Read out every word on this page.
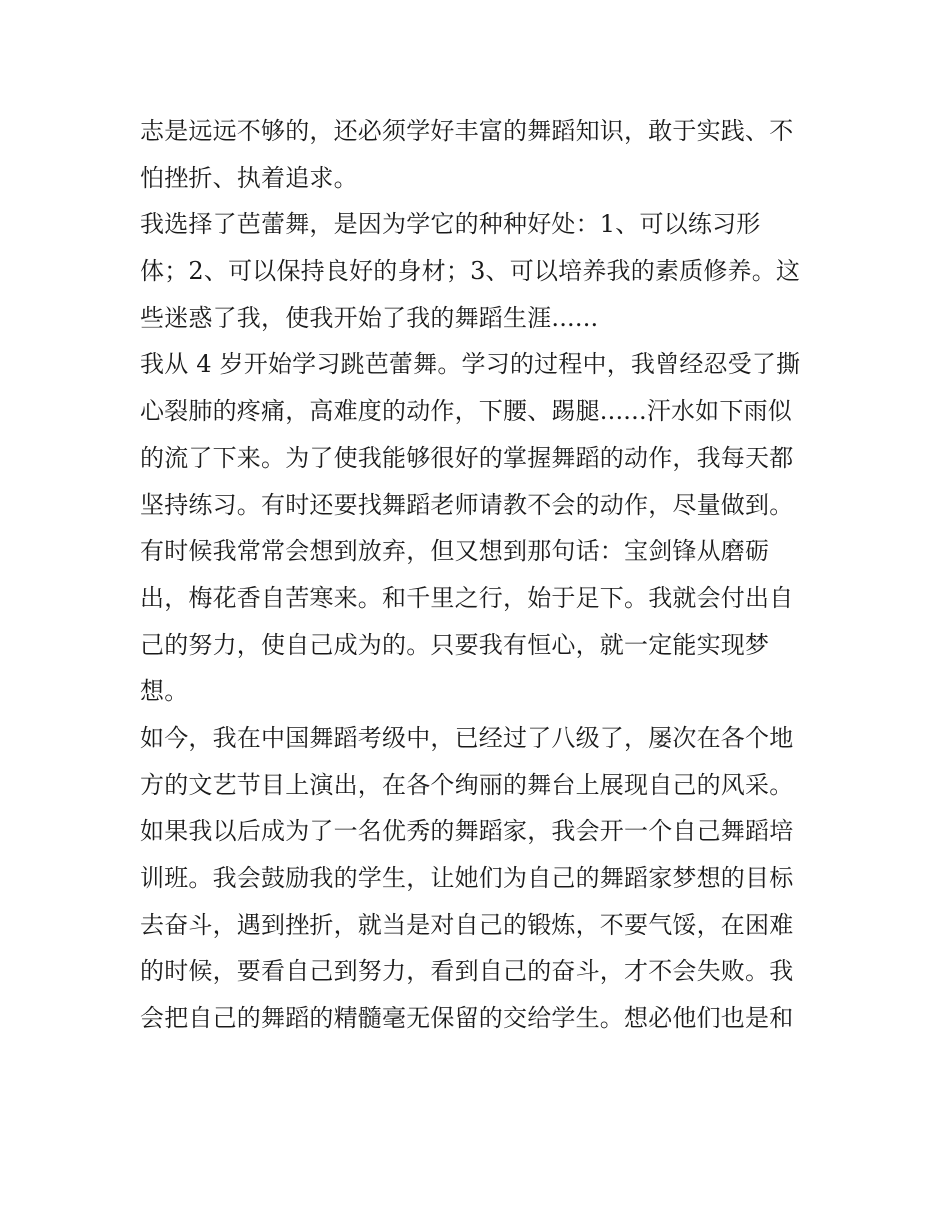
志是远远不够的，还必须学好丰富的舞蹈知识，敢于实践、不
怕挫折、执着追求。
我选择了芭蕾舞，是因为学它的种种好处：1、可以练习形
体；2、可以保持良好的身材；3、可以培养我的素质修养。这
些迷惑了我，使我开始了我的舞蹈生涯......
我从 4 岁开始学习跳芭蕾舞。学习的过程中，我曾经忍受了撕
心裂肺的疼痛，高难度的动作，下腰、踢腿......汗水如下雨似
的流了下来。为了使我能够很好的掌握舞蹈的动作，我每天都
坚持练习。有时还要找舞蹈老师请教不会的动作，尽量做到。
有时候我常常会想到放弃，但又想到那句话：宝剑锋从磨砺
出，梅花香自苦寒来。和千里之行，始于足下。我就会付出自
己的努力，使自己成为的。只要我有恒心，就一定能实现梦
想。
如今，我在中国舞蹈考级中，已经过了八级了，屡次在各个地
方的文艺节目上演出，在各个绚丽的舞台上展现自己的风采。
如果我以后成为了一名优秀的舞蹈家，我会开一个自己舞蹈培
训班。我会鼓励我的学生，让她们为自己的舞蹈家梦想的目标
去奋斗，遇到挫折，就当是对自己的锻炼，不要气馁，在困难
的时候，要看自己到努力，看到自己的奋斗，才不会失败。我
会把自己的舞蹈的精髓毫无保留的交给学生。想必他们也是和
